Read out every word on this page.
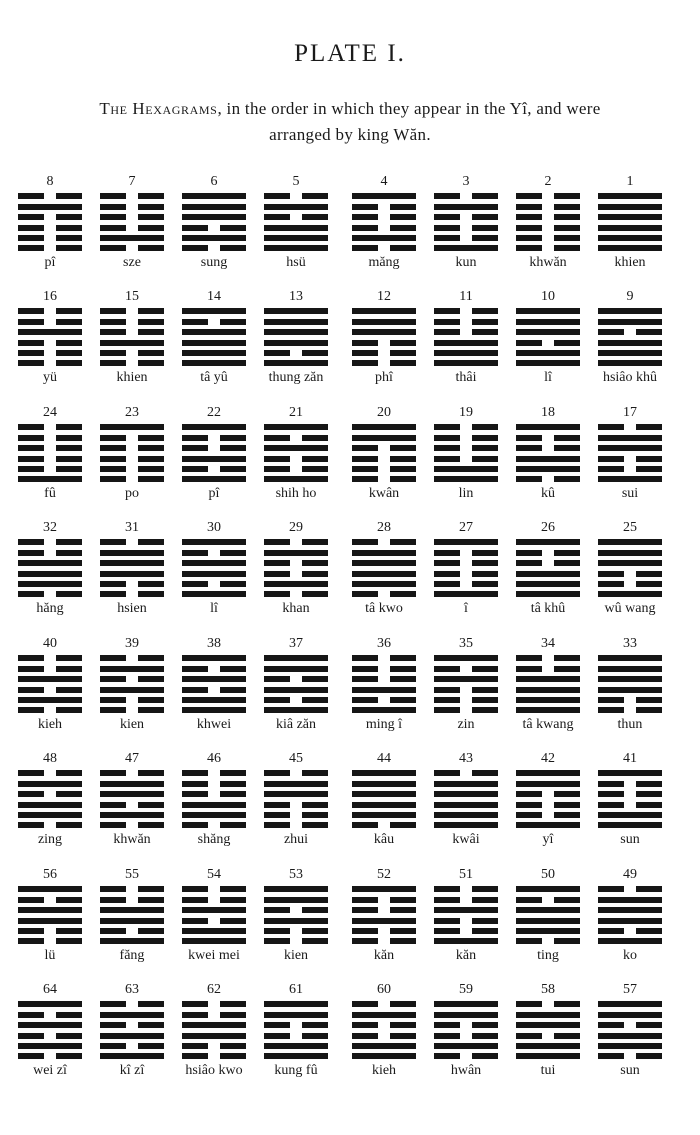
PLATE I.
The Hexagrams, in the order in which they appear in the Yî, and were
arranged by king Wăn.
8
pî
7
sze
6
sung
5
hsü
4
măng
3
kun
2
khwăn
1
khien
16
yü
15
khien
14
tâ yû
13
thung zăn
12
phî
11
thâi
10
lî
9
hsiâo khû
24
fû
23
po
22
pî
21
shih ho
20
kwân
19
lin
18
kû
17
sui
32
hăng
31
hsien
30
lî
29
khan
28
tâ kwo
27
î
26
tâ khû
25
wû wang
40
kieh
39
kien
38
khwei
37
kiâ zăn
36
ming î
35
zin
34
tâ kwang
33
thun
48
zing
47
khwăn
46
shăng
45
zhui
44
kâu
43
kwâi
42
yî
41
sun
56
lü
55
făng
54
kwei mei
53
kien
52
kăn
51
kăn
50
ting
49
ko
64
wei zî
63
kî zî
62
hsiâo kwo
61
kung fû
60
kieh
59
hwân
58
tui
57
sun
